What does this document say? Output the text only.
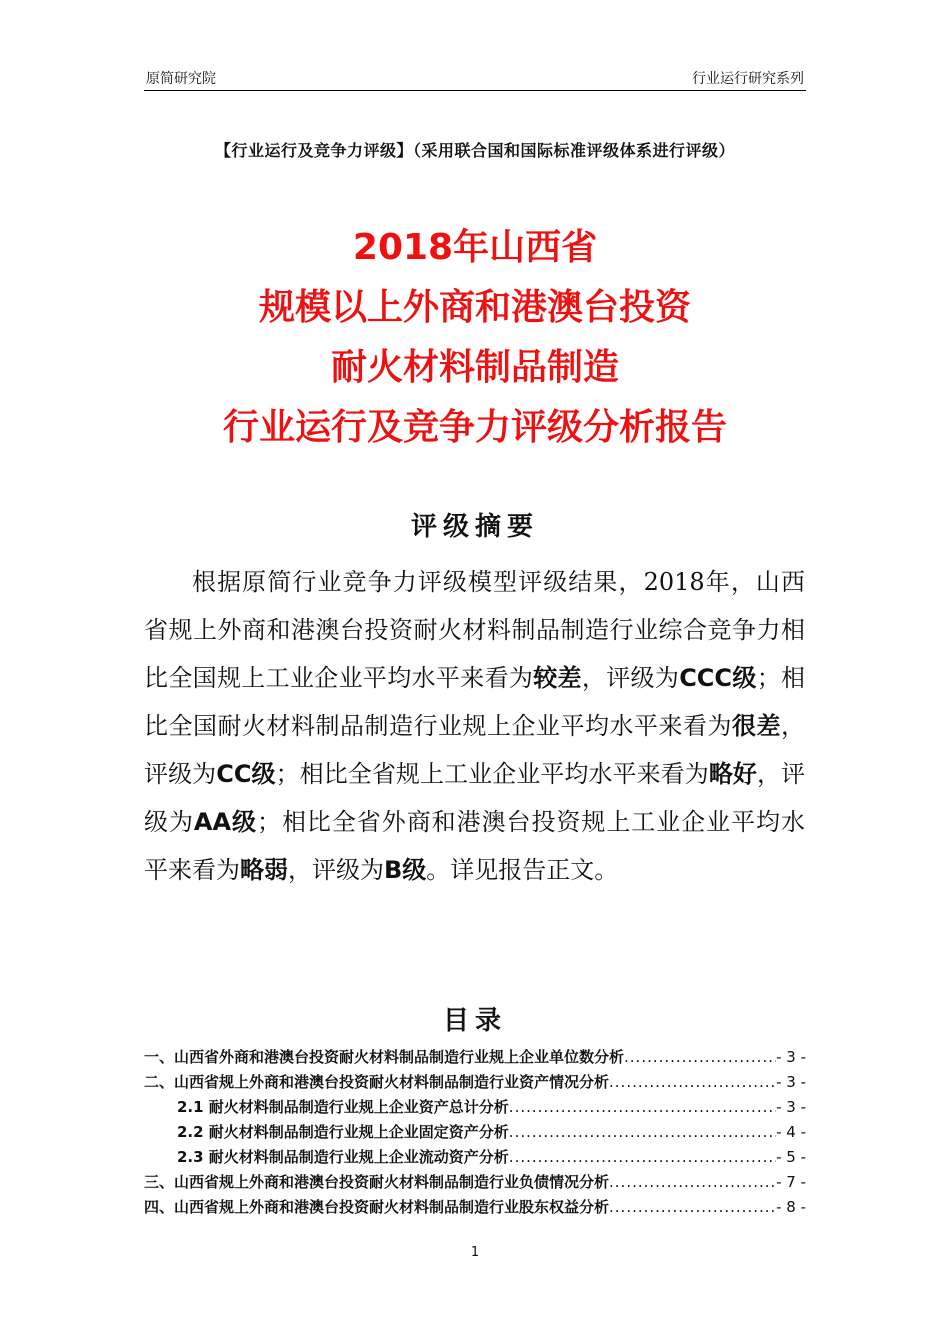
原简研究院	行业运行研究系列
【行业运行及竞争力评级】（采用联合国和国际标准评级体系进行评级）
2018年山西省
规模以上外商和港澳台投资
耐火材料制品制造
行业运行及竞争力评级分析报告
评级摘要

根据原简行业竞争力评级模型评级结果，2018年，山西省规上外商和港澳台投资耐火材料制品制造行业综合竞争力相比全国规上工业企业平均水平来看为较差，评级为CCC级；相比全国耐火材料制品制造行业规上企业平均水平来看为很差，评级为CC级；相比全省规上工业企业平均水平来看为略好，评级为AA级；相比全省外商和港澳台投资规上工业企业平均水平来看为略弱，评级为B级。详见报告正文。

目录
一、山西省外商和港澳台投资耐火材料制品制造行业规上企业单位数分析 .....	- 3 -
二、山西省规上外商和港澳台投资耐火材料制品制造行业资产情况分析 .....	- 3 -
2.1 耐火材料制品制造行业规上企业资产总计分析 .....	- 3 -
2.2 耐火材料制品制造行业规上企业固定资产分析 .....	- 4 -
2.3 耐火材料制品制造行业规上企业流动资产分析 .....	- 5 -
三、山西省规上外商和港澳台投资耐火材料制品制造行业负债情况分析 .....	- 7 -
四、山西省规上外商和港澳台投资耐火材料制品制造行业股东权益分析 .....	- 8 -
1
